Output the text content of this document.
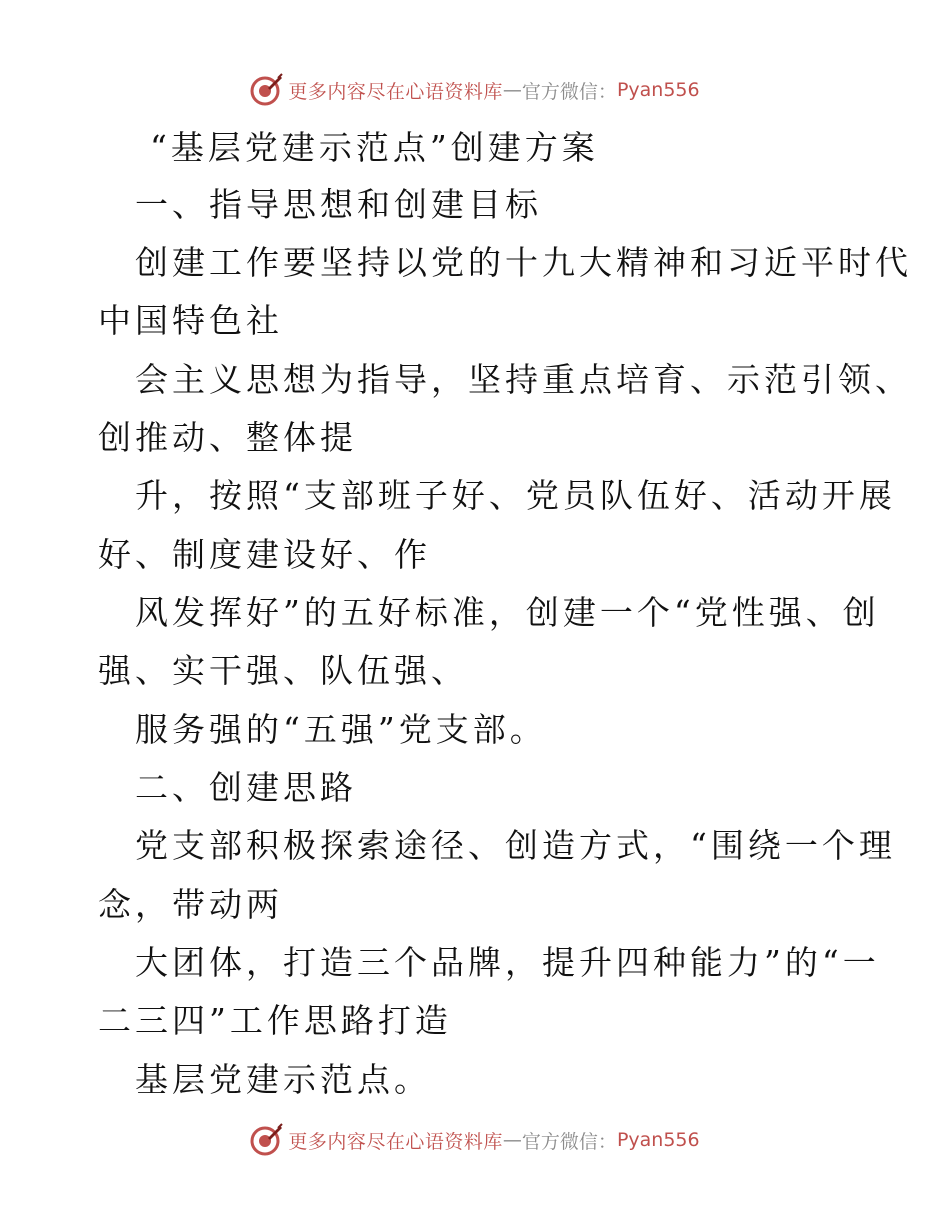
更多内容尽在心语资料库 — 官方微信： Pyan556
“基层党建示范点”创建方案
一、指导思想和创建目标
创建工作要坚持以党的十九大精神和习近平时代
中国特色社
会主义思想为指导，坚持重点培育、示范引领、
创推动、整体提
升，按照“支部班子好、党员队伍好、活动开展
好、制度建设好、作
风发挥好”的五好标准，创建一个“党性强、创
强、实干强、队伍强、
服务强的“五强”党支部。
二、创建思路
党支部积极探索途径、创造方式，“围绕一个理
念，带动两
大团体，打造三个品牌，提升四种能力”的“一
二三四”工作思路打造
基层党建示范点。
更多内容尽在心语资料库 — 官方微信： Pyan556
